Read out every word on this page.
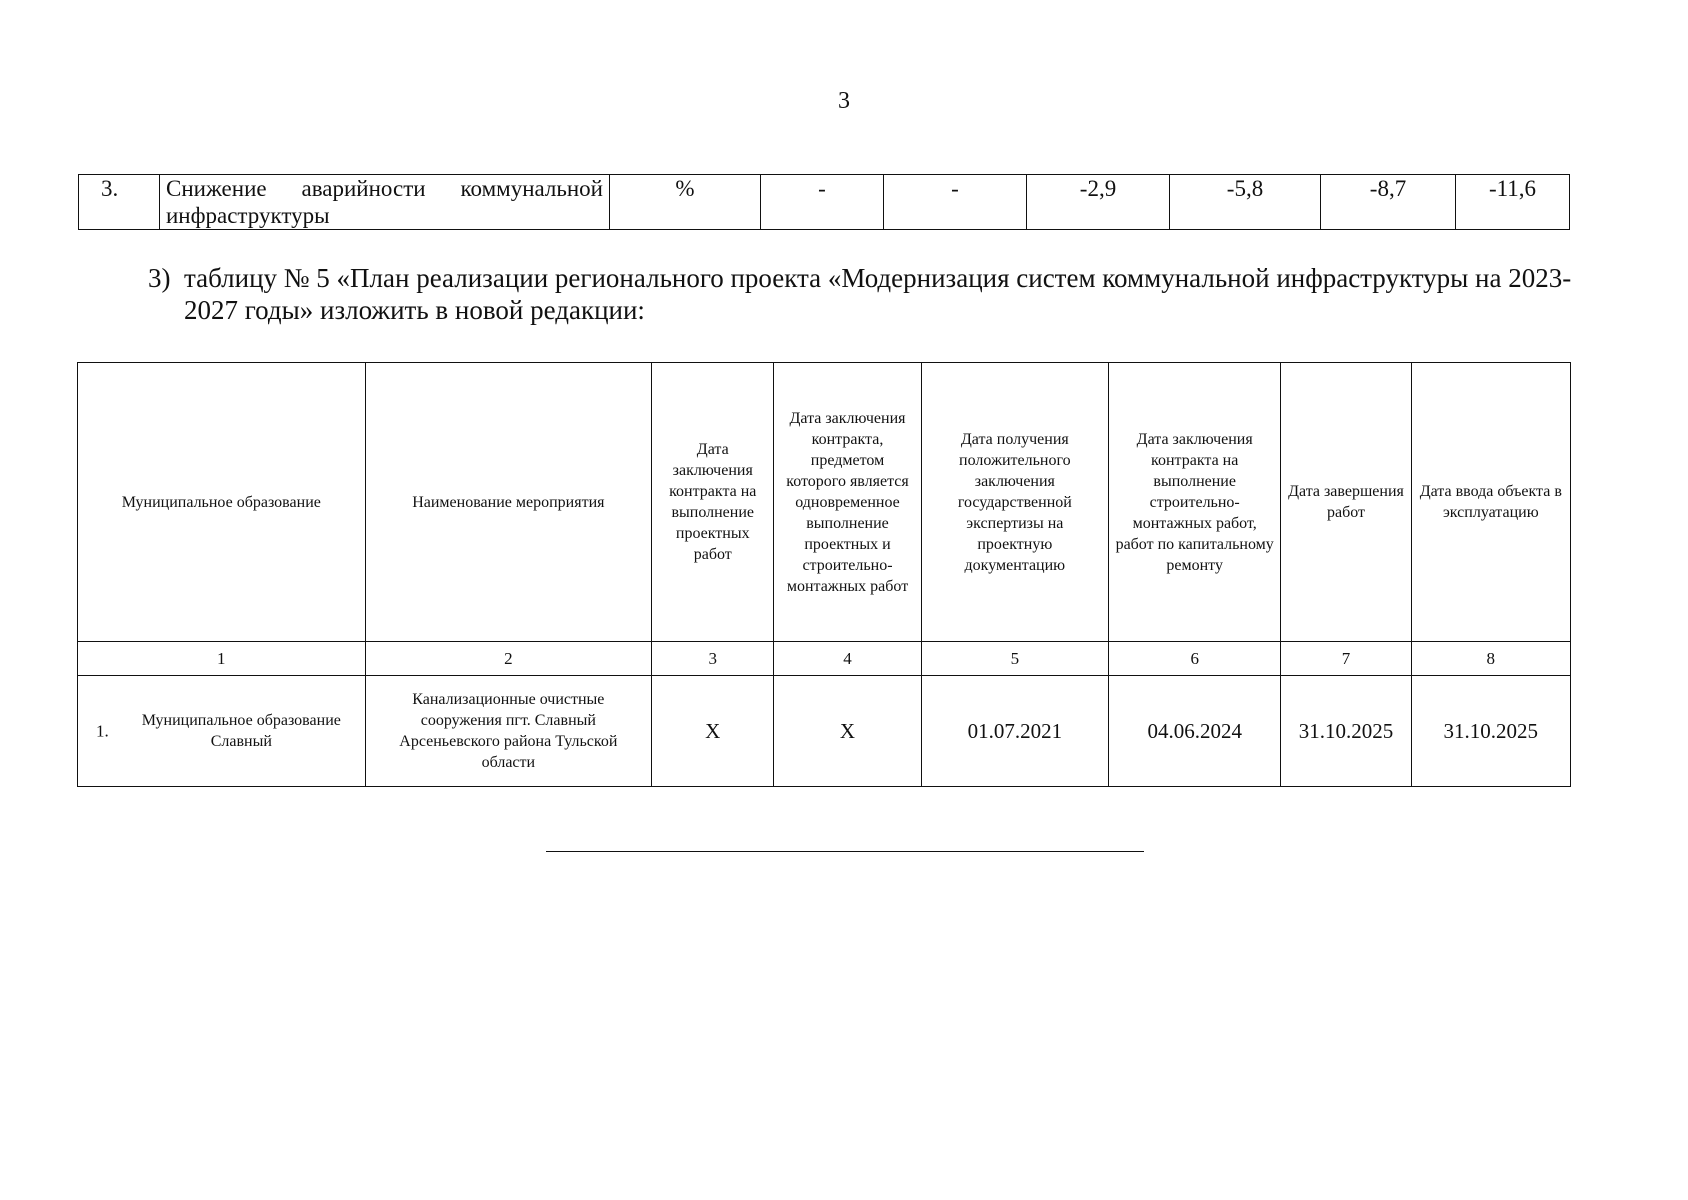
3
3.	Снижение аварийности коммунальной инфраструктуры	%	-	-	-2,9	-5,8	-8,7	-11,6
3) таблицу № 5 «План реализации регионального проекта «Модернизация систем коммунальной инфраструктуры на 2023-2027 годы» изложить в новой редакции:
Муниципальное образование	Наименование мероприятия	Дата заключения контракта на выполнение проектных работ	Дата заключения контракта, предметом которого является одновременное выполнение проектных и строительно-монтажных работ	Дата получения положительного заключения государственной экспертизы на проектную документацию	Дата заключения контракта на выполнение строительно-монтажных работ, работ по капитальному ремонту	Дата завершения работ	Дата ввода объекта в эксплуатацию
1	2	3	4	5	6	7	8

1.
Муниципальное образование Славный	Канализационные очистные сооружения пгт. Славный Арсеньевского района Тульской области	Х	Х	01.07.2021	04.06.2024	31.10.2025	31.10.2025
